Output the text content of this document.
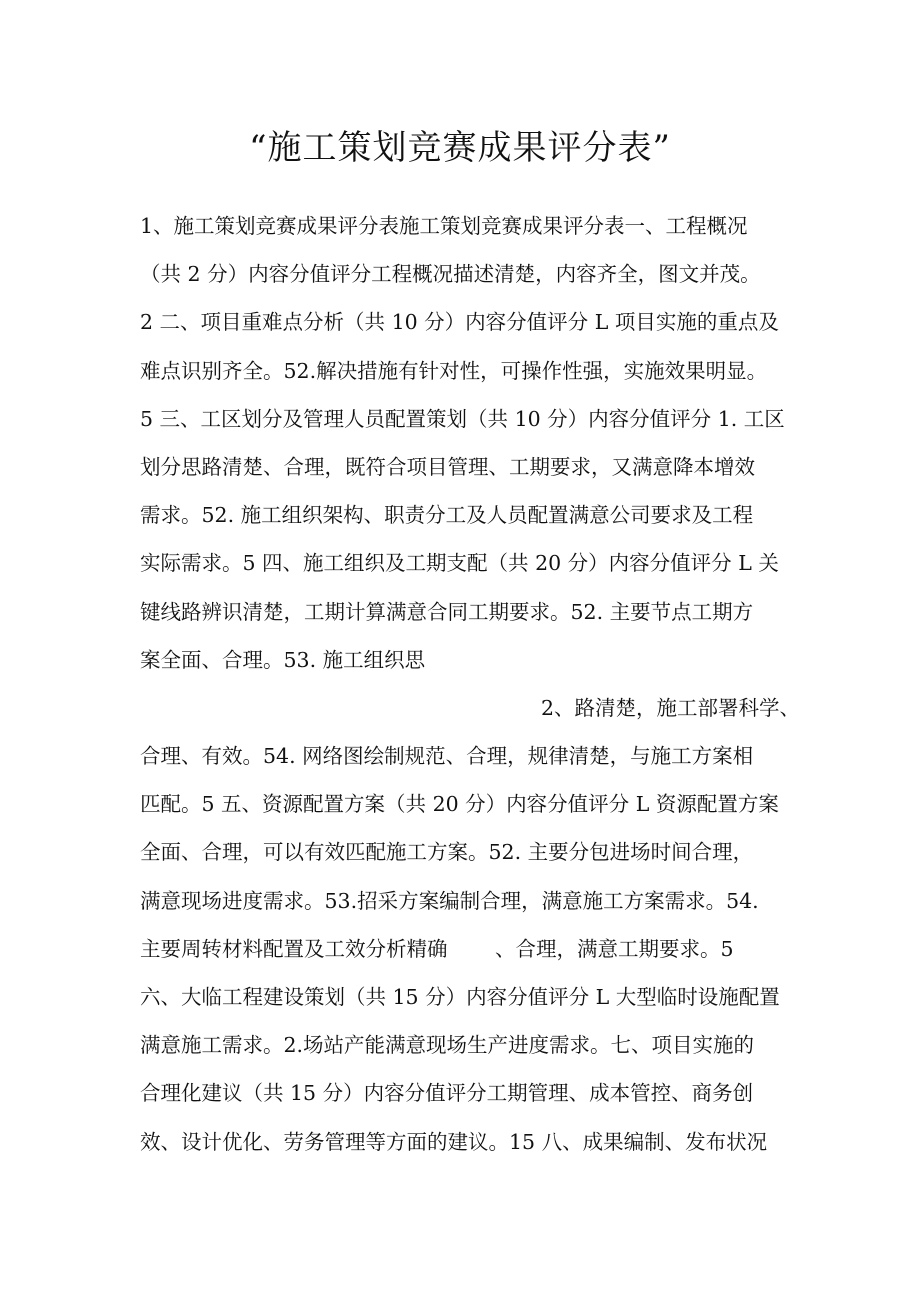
“施工策划竞赛成果评分表”
1、施工策划竞赛成果评分表施工策划竞赛成果评分表一、工程概况
（共 2 分）内容分值评分工程概况描述清楚，内容齐全，图文并茂。
2 二、项目重难点分析（共 10 分）内容分值评分 L 项目实施的重点及
难点识别齐全。52.解决措施有针对性，可操作性强，实施效果明显。
5 三、工区划分及管理人员配置策划（共 10 分）内容分值评分 1. 工区
划分思路清楚、合理，既符合项目管理、工期要求，又满意降本增效
需求。52. 施工组织架构、职责分工及人员配置满意公司要求及工程
实际需求。5 四、施工组织及工期支配（共 20 分）内容分值评分 L 关
键线路辨识清楚，工期计算满意合同工期要求。52. 主要节点工期方
案全面、合理。53. 施工组织思
2、路清楚，施工部署科学、
合理、有效。54. 网络图绘制规范、合理，规律清楚，与施工方案相
匹配。5 五、资源配置方案（共 20 分）内容分值评分 L 资源配置方案
全面、合理，可以有效匹配施工方案。52. 主要分包进场时间合理，
满意现场进度需求。53.招采方案编制合理，满意施工方案需求。54.
主要周转材料配置及工效分析精确　　 、合理，满意工期要求。5
六、大临工程建设策划（共 15 分）内容分值评分 L 大型临时设施配置
满意施工需求。2.场站产能满意现场生产进度需求。七、项目实施的
合理化建议（共 15 分）内容分值评分工期管理、成本管控、商务创
效、设计优化、劳务管理等方面的建议。15 八、成果编制、发布状况
